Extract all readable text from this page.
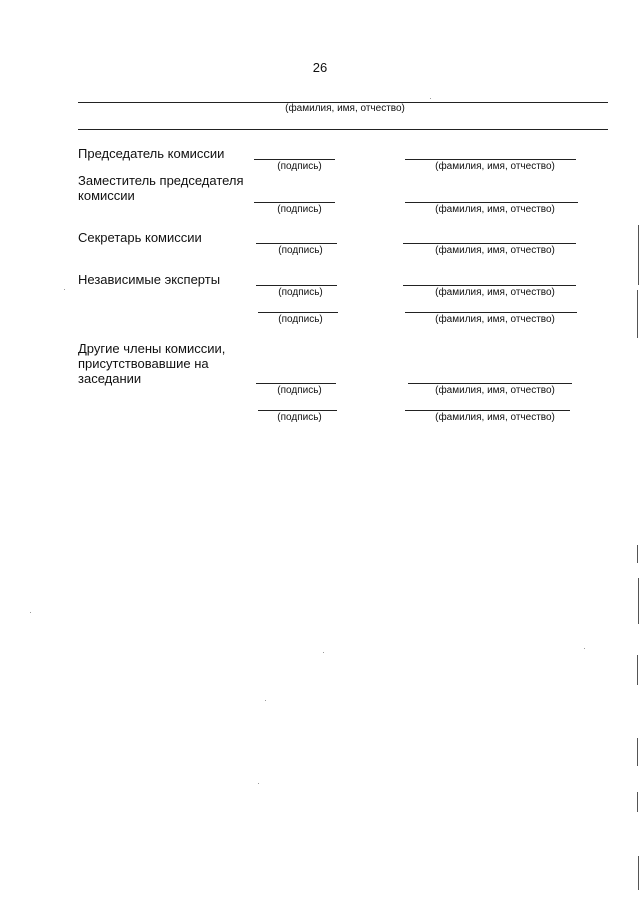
26
(фамилия, имя, отчество)
Председатель комиссии
(подпись)	(фамилия, имя, отчество)
Заместитель председателя
комиссии
(подпись)	(фамилия, имя, отчество)
Секретарь комиссии
(подпись)	(фамилия, имя, отчество)
Независимые эксперты
(подпись)	(фамилия, имя, отчество)
(подпись)	(фамилия, имя, отчество)
Другие члены комиссии,
присутствовавшие на
заседании
(подпись)	(фамилия, имя, отчество)
(подпись)	(фамилия, имя, отчество)
